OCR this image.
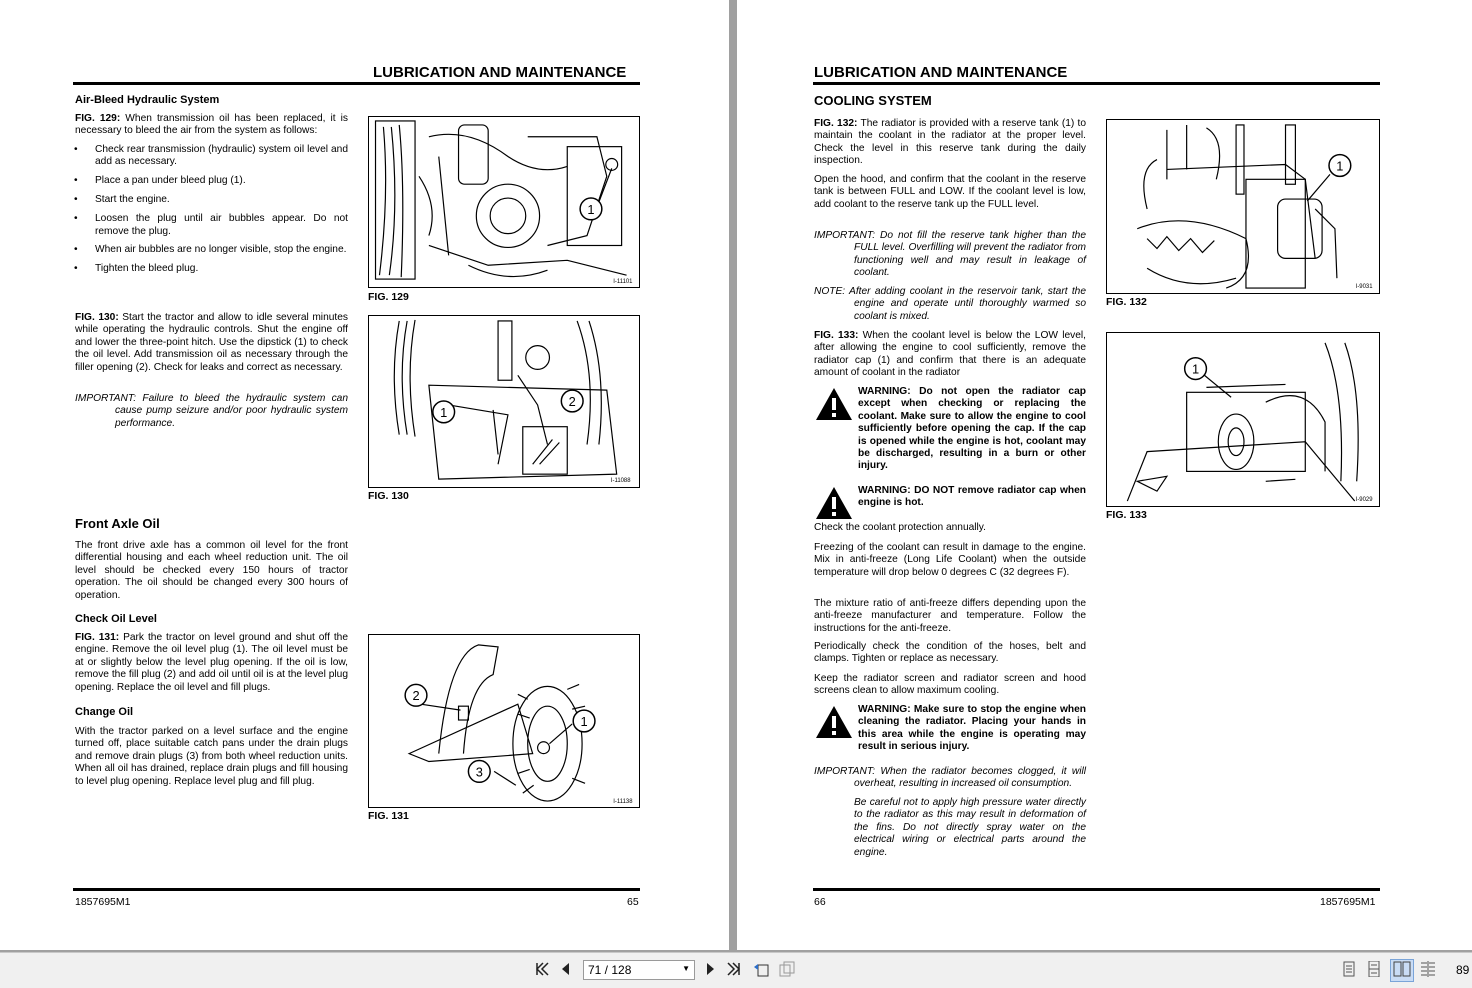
LUBRICATION AND MAINTENANCE
Air-Bleed Hydraulic System
FIG. 129: When transmission oil has been replaced, it is necessary to bleed the air from the system as follows:
• Check rear transmission (hydraulic) system oil level and add as necessary.
• Place a pan under bleed plug (1).
• Start the engine.
• Loosen the plug until air bubbles appear. Do not remove the plug.
• When air bubbles are no longer visible, stop the engine.
• Tighten the bleed plug.
FIG. 130: Start the tractor and allow to idle several minutes while operating the hydraulic controls. Shut the engine off and lower the three-point hitch. Use the dipstick (1) to check the oil level. Add transmission oil as necessary through the filler opening (2). Check for leaks and correct as necessary.
IMPORTANT: Failure to bleed the hydraulic system can cause pump seizure and/or poor hydraulic system performance.
Front Axle Oil
The front drive axle has a common oil level for the front differential housing and each wheel reduction unit. The oil level should be checked every 150 hours of tractor operation. The oil should be changed every 300 hours of operation.
Check Oil Level
FIG. 131: Park the tractor on level ground and shut off the engine. Remove the oil level plug (1). The oil level must be at or slightly below the level plug opening. If the oil is low, remove the fill plug (2) and add oil until oil is at the level plug opening. Replace the oil level and fill plugs.
Change Oil
With the tractor parked on a level surface and the engine turned off, place suitable catch pans under the drain plugs and remove drain plugs (3) from both wheel reduction units. When all oil has drained, replace drain plugs and fill housing to level plug opening. Replace level plug and fill plug.
1
I-11101
FIG. 129
1
2
I-11088
FIG. 130
2
1
3
I-11138
FIG. 131
1857695M1	65
LUBRICATION AND MAINTENANCE
COOLING SYSTEM
FIG. 132: The radiator is provided with a reserve tank (1) to maintain the coolant in the radiator at the proper level. Check the level in this reserve tank during the daily inspection.
Open the hood, and confirm that the coolant in the reserve tank is between FULL and LOW. If the coolant level is low, add coolant to the reserve tank up the FULL level.
IMPORTANT: Do not fill the reserve tank higher than the FULL level. Overfilling will prevent the radiator from functioning well and may result in leakage of coolant.
NOTE: After adding coolant in the reservoir tank, start the engine and operate until thoroughly warmed so coolant is mixed.
FIG. 133: When the coolant level is below the LOW level, after allowing the engine to cool sufficiently, remove the radiator cap (1) and confirm that there is an adequate amount of coolant in the radiator
WARNING: Do not open the radiator cap except when checking or replacing the coolant. Make sure to allow the engine to cool sufficiently before opening the cap. If the cap is opened while the engine is hot, coolant may be discharged, resulting in a burn or other injury.
WARNING: DO NOT remove radiator cap when engine is hot.
Check the coolant protection annually.
Freezing of the coolant can result in damage to the engine. Mix in anti-freeze (Long Life Coolant) when the outside temperature will drop below 0 degrees C (32 degrees F).
The mixture ratio of anti-freeze differs depending upon the anti-freeze manufacturer and temperature. Follow the instructions for the anti-freeze.
Periodically check the condition of the hoses, belt and clamps. Tighten or replace as necessary.
Keep the radiator screen and radiator screen and hood screens clean to allow maximum cooling.
WARNING: Make sure to stop the engine when cleaning the radiator. Placing your hands in this area while the engine is operating may result in serious injury.
IMPORTANT: When the radiator becomes clogged, it will overheat, resulting in increased oil consumption.
Be careful not to apply high pressure water directly to the radiator as this may result in deformation of the fins. Do not directly spray water on the electrical wiring or electrical parts around the engine.
1
I-9031
FIG. 132
1
I-9029
FIG. 133
66	1857695M1
71 / 128	▼	89
